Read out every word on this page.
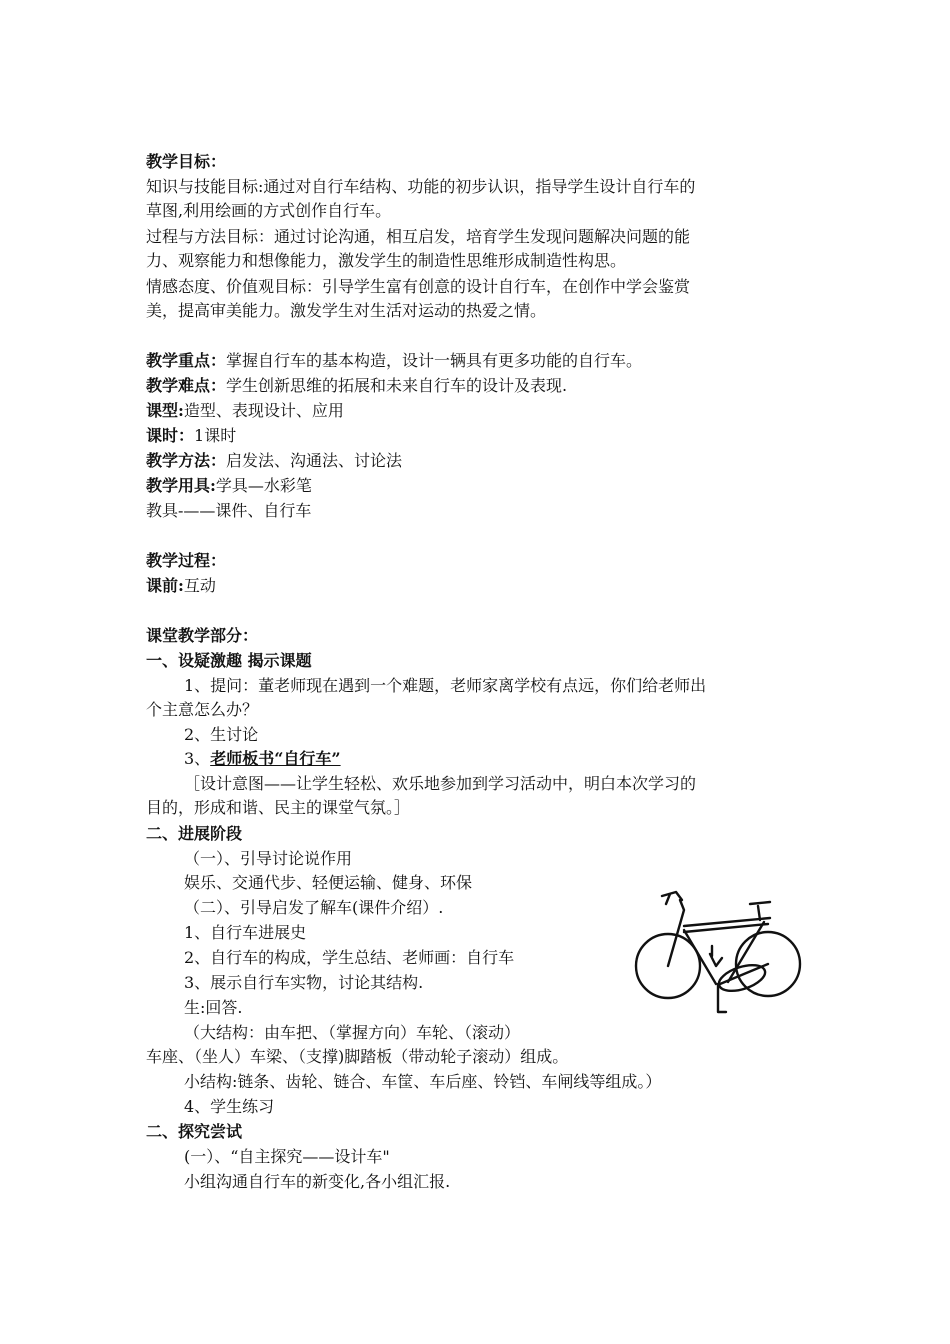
教学目标：
知识与技能目标:通过对自行车结构、功能的初步认识，指导学生设计自行车的
草图,利用绘画的方式创作自行车。
过程与方法目标：通过讨论沟通，相互启发，培育学生发现问题解决问题的能
力、观察能力和想像能力，激发学生的制造性思维形成制造性构思。
情感态度、价值观目标：引导学生富有创意的设计自行车，在创作中学会鉴赏
美，提高审美能力。激发学生对生活对运动的热爱之情。
教学重点：掌握自行车的基本构造，设计一辆具有更多功能的自行车。
教学难点：学生创新思维的拓展和未来自行车的设计及表现.
课型:造型、表现设计、应用
课时：1课时
教学方法：启发法、沟通法、讨论法
教学用具:学具—水彩笔
教具-——课件、自行车
教学过程：
课前:互动
课堂教学部分：
一、设疑激趣 揭示课题
1、提问：董老师现在遇到一个难题，老师家离学校有点远，你们给老师出
个主意怎么办？
2、生讨论
3、老师板书“自行车”
［设计意图——让学生轻松、欢乐地参加到学习活动中，明白本次学习的
目的，形成和谐、民主的课堂气氛。］
二、进展阶段
（一）、引导讨论说作用
娱乐、交通代步、轻便运输、健身、环保
（二）、引导启发了解车(课件介绍）.
1、自行车进展史
2、自行车的构成，学生总结、老师画：自行车
3、展示自行车实物，讨论其结构.
生:回答.
（大结构：由车把、（掌握方向）车轮、（滚动）
车座、（坐人）车梁、（支撑)脚踏板（带动轮子滚动）组成。
小结构:链条、齿轮、链合、车筐、车后座、铃铛、车闸线等组成。）
4、学生练习
二、探究尝试
(一）、“自主探究——设计车"
小组沟通自行车的新变化,各小组汇报.
